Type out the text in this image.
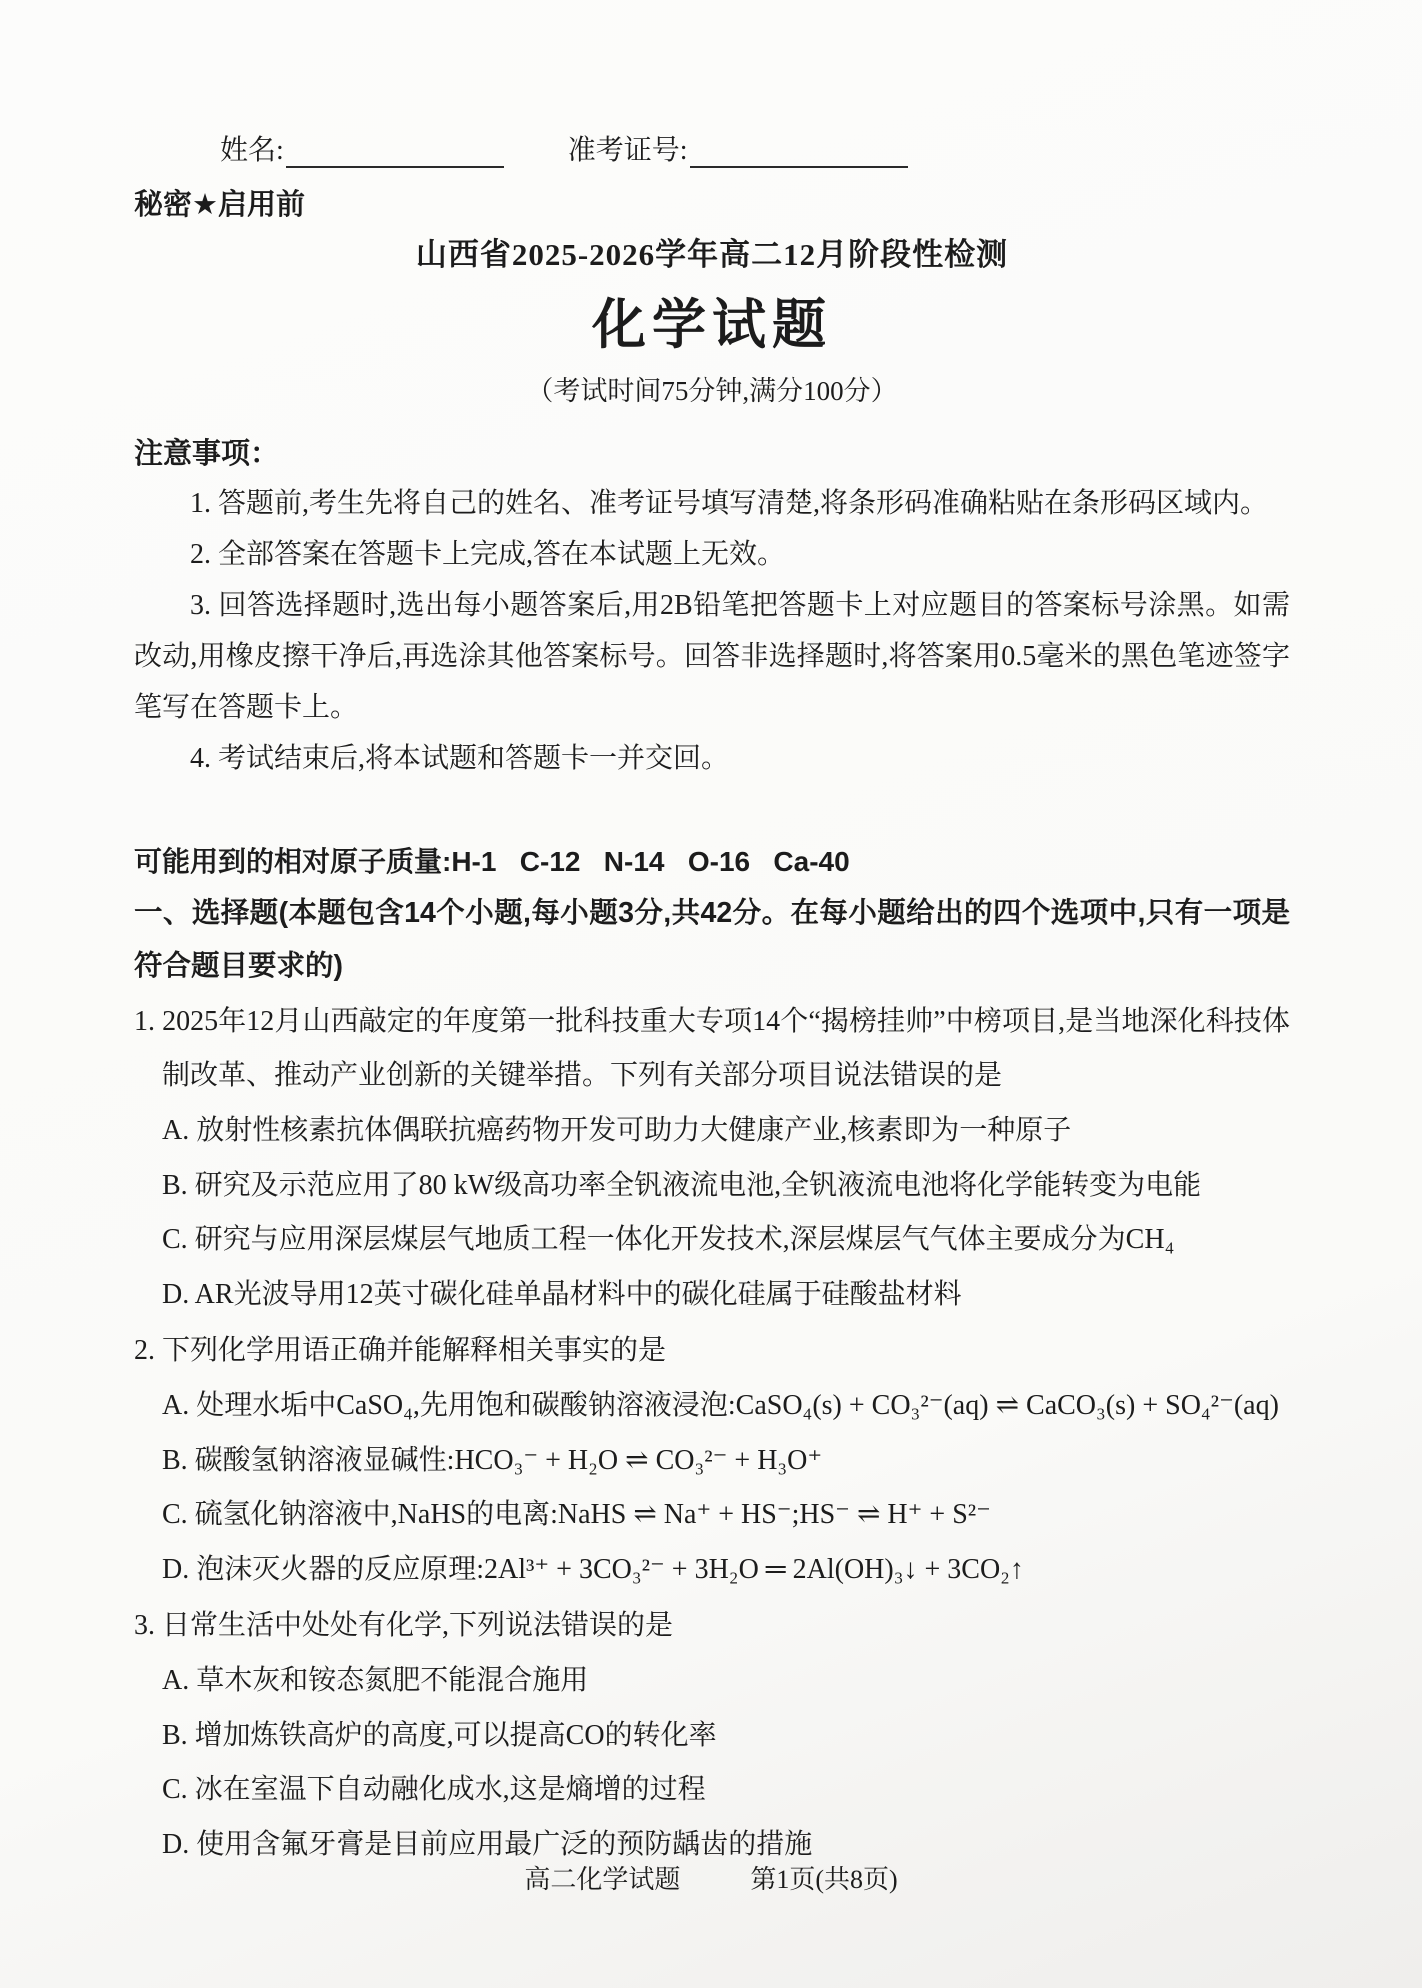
姓名:	准考证号:
秘密★启用前
山西省2025-2026学年高二12月阶段性检测
化学试题
（考试时间75分钟,满分100分）
注意事项：
1. 答题前,考生先将自己的姓名、准考证号填写清楚,将条形码准确粘贴在条形码区域内。
2. 全部答案在答题卡上完成,答在本试题上无效。
3. 回答选择题时,选出每小题答案后,用2B铅笔把答题卡上对应题目的答案标号涂黑。如需改动,用橡皮擦干净后,再选涂其他答案标号。回答非选择题时,将答案用0.5毫米的黑色笔迹签字笔写在答题卡上。
4. 考试结束后,将本试题和答题卡一并交回。
可能用到的相对原子质量:H-1   C-12   N-14   O-16   Ca-40
一、选择题(本题包含14个小题,每小题3分,共42分。在每小题给出的四个选项中,只有一项是符合题目要求的)
1. 2025年12月山西敲定的年度第一批科技重大专项14个“揭榜挂帅”中榜项目,是当地深化科技体制改革、推动产业创新的关键举措。下列有关部分项目说法错误的是
A. 放射性核素抗体偶联抗癌药物开发可助力大健康产业,核素即为一种原子
B. 研究及示范应用了80 kW级高功率全钒液流电池,全钒液流电池将化学能转变为电能
C. 研究与应用深层煤层气地质工程一体化开发技术,深层煤层气气体主要成分为CH₄
D. AR光波导用12英寸碳化硅单晶材料中的碳化硅属于硅酸盐材料
2. 下列化学用语正确并能解释相关事实的是
A. 处理水垢中CaSO₄,先用饱和碳酸钠溶液浸泡:CaSO₄(s) + CO₃²⁻(aq) ⇌ CaCO₃(s) + SO₄²⁻(aq)
B. 碳酸氢钠溶液显碱性:HCO₃⁻ + H₂O ⇌ CO₃²⁻ + H₃O⁺
C. 硫氢化钠溶液中,NaHS的电离:NaHS ⇌ Na⁺ + HS⁻;HS⁻ ⇌ H⁺ + S²⁻
D. 泡沫灭火器的反应原理:2Al³⁺ + 3CO₃²⁻ + 3H₂O ═ 2Al(OH)₃↓ + 3CO₂↑
3. 日常生活中处处有化学,下列说法错误的是
A. 草木灰和铵态氮肥不能混合施用
B. 增加炼铁高炉的高度,可以提高CO的转化率
C. 冰在室温下自动融化成水,这是熵增的过程
D. 使用含氟牙膏是目前应用最广泛的预防龋齿的措施
高二化学试题	第1页(共8页)
